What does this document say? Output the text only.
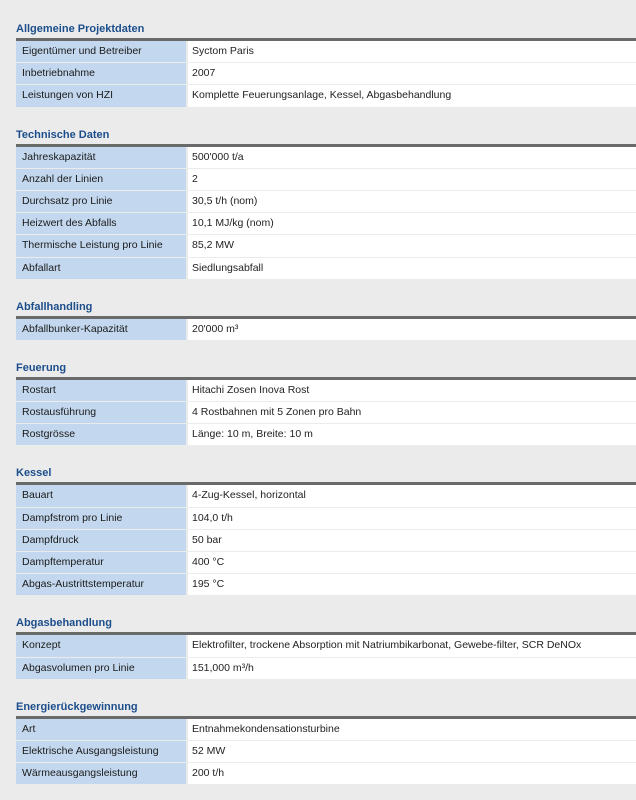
Allgemeine Projektdaten
Eigentümer und Betreiber	Syctom Paris
Inbetriebnahme	2007
Leistungen von HZI	Komplette Feuerungsanlage, Kessel, Abgasbehandlung
Technische Daten
Jahreskapazität	500'000 t/a
Anzahl der Linien	2
Durchsatz pro Linie	30,5 t/h (nom)
Heizwert des Abfalls	10,1 MJ/kg (nom)
Thermische Leistung pro Linie	85,2 MW
Abfallart	Siedlungsabfall
Abfallhandling
Abfallbunker-Kapazität	20'000 m³
Feuerung
Rostart	Hitachi Zosen Inova Rost
Rostausführung	4 Rostbahnen mit 5 Zonen pro Bahn
Rostgrösse	Länge: 10 m, Breite: 10 m
Kessel
Bauart	4-Zug-Kessel, horizontal
Dampfstrom pro Linie	104,0 t/h
Dampfdruck	50 bar
Dampftemperatur	400 °C
Abgas-Austrittstemperatur	195 °C
Abgasbehandlung
Konzept	Elektrofilter, trockene Absorption mit Natriumbikarbonat, Gewebe-filter, SCR DeNOx
Abgasvolumen pro Linie	151,000 m³/h
Energierückgewinnung
Art	Entnahmekondensationsturbine
Elektrische Ausgangsleistung	52 MW
Wärmeausgangsleistung	200 t/h
